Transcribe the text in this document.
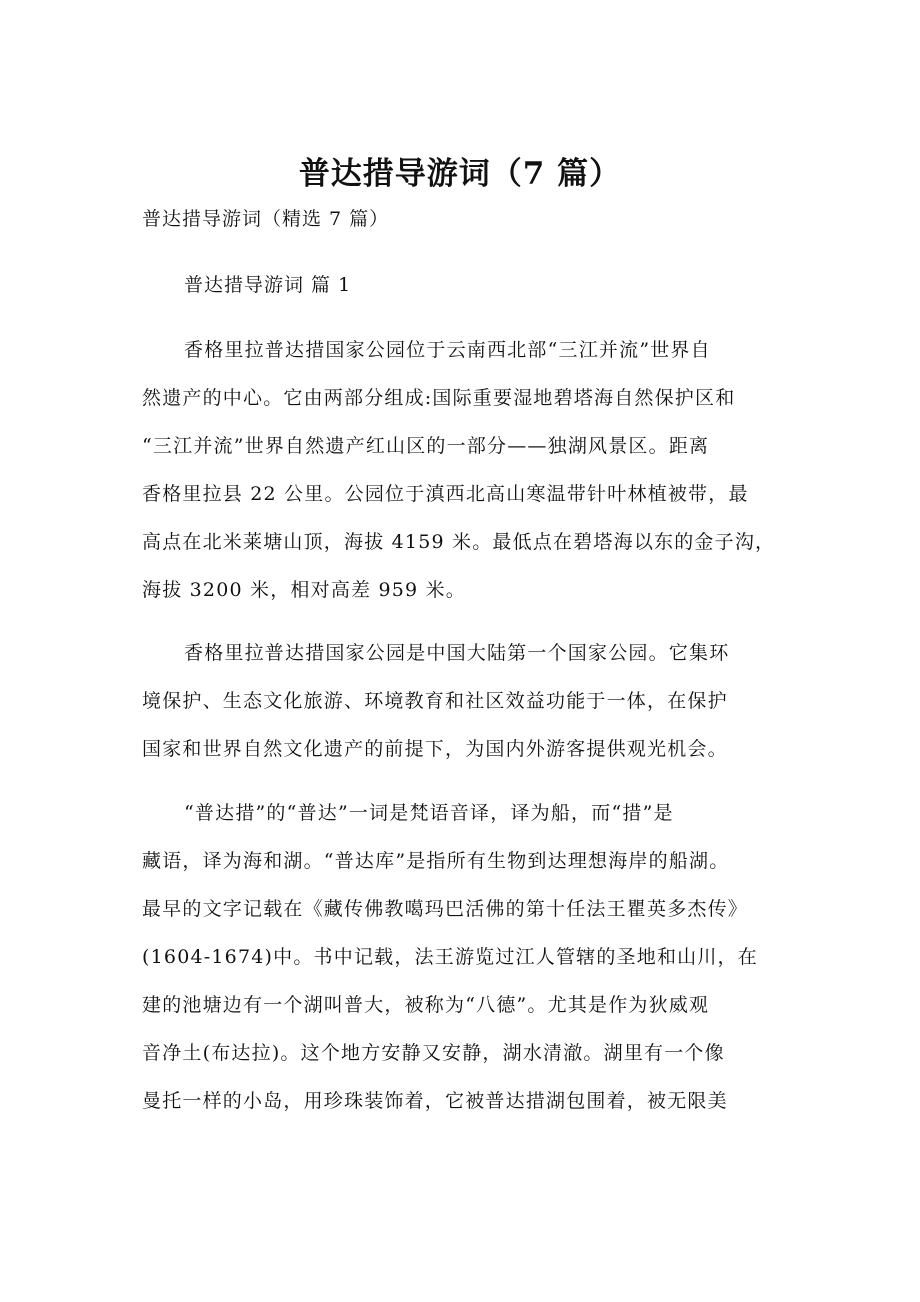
普达措导游词（7 篇）

普达措导游词（精选 7 篇）

普达措导游词 篇 1

香格里拉普达措国家公园位于云南西北部“三江并流”世界自
然遗产的中心。它由两部分组成:国际重要湿地碧塔海自然保护区和
“三江并流”世界自然遗产红山区的一部分——独湖风景区。距离
香格里拉县 22 公里。公园位于滇西北高山寒温带针叶林植被带，最
高点在北米莱塘山顶，海拔 4159 米。最低点在碧塔海以东的金子沟，
海拔 3200 米，相对高差 959 米。
香格里拉普达措国家公园是中国大陆第一个国家公园。它集环
境保护、生态文化旅游、环境教育和社区效益功能于一体，在保护
国家和世界自然文化遗产的前提下，为国内外游客提供观光机会。
“普达措”的“普达”一词是梵语音译，译为船，而“措”是
藏语，译为海和湖。“普达库”是指所有生物到达理想海岸的船湖。
最早的文字记载在《藏传佛教噶玛巴活佛的第十任法王瞿英多杰传》
(1604-1674)中。书中记载，法王游览过江人管辖的圣地和山川，在
建的池塘边有一个湖叫普大，被称为“八德”。尤其是作为狄威观
音净土(布达拉)。这个地方安静又安静，湖水清澈。湖里有一个像
曼托一样的小岛，用珍珠装饰着，它被普达措湖包围着，被无限美
